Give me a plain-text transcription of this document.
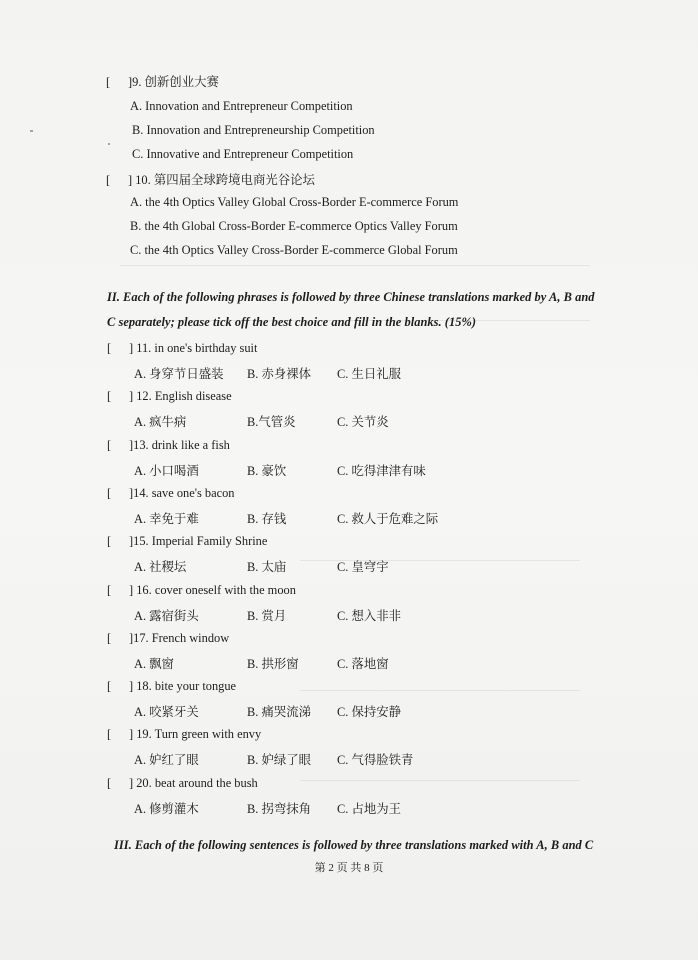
[ ]9. 创新创业大赛
A. Innovation and Entrepreneur Competition
B. Innovation and Entrepreneurship Competition
C. Innovative and Entrepreneur Competition
[ ] 10. 第四届全球跨境电商光谷论坛
A. the 4th Optics Valley Global Cross-Border E-commerce Forum
B. the 4th Global Cross-Border E-commerce Optics Valley Forum
C. the 4th Optics Valley Cross-Border E-commerce Global Forum
II. Each of the following phrases is followed by three Chinese translations marked by A, B and
C separately; please tick off the best choice and fill in the blanks. (15%)
[ ] 11. in one's birthday suit
A. 身穿节日盛装 B. 赤身裸体 C. 生日礼服
[ ] 12. English disease
A. 疯牛病	B.气管炎	C. 关节炎
[ ]13. drink like a fish
A. 小口喝酒	B. 豪饮	C. 吃得津津有味
[ ]14. save one's bacon
A. 幸免于难	B. 存钱	C. 救人于危难之际
[ ]15. Imperial Family Shrine
A. 社稷坛	B. 太庙	C. 皇穹宇
[ ] 16. cover oneself with the moon
A. 露宿街头	B. 赏月	C. 想入非非
[ ]17. French window
A. 飘窗	B. 拱形窗	C. 落地窗
[ ] 18. bite your tongue
A. 咬紧牙关	B. 痛哭流涕 C. 保持安静
[ ] 19. Turn green with envy
A. 妒红了眼	B. 妒绿了眼 C. 气得脸铁青
[ ] 20. beat around the bush
A. 修剪灌木	B. 拐弯抹角 C. 占地为王
III. Each of the following sentences is followed by three translations marked with A, B and C
第 2 页 共 8 页
